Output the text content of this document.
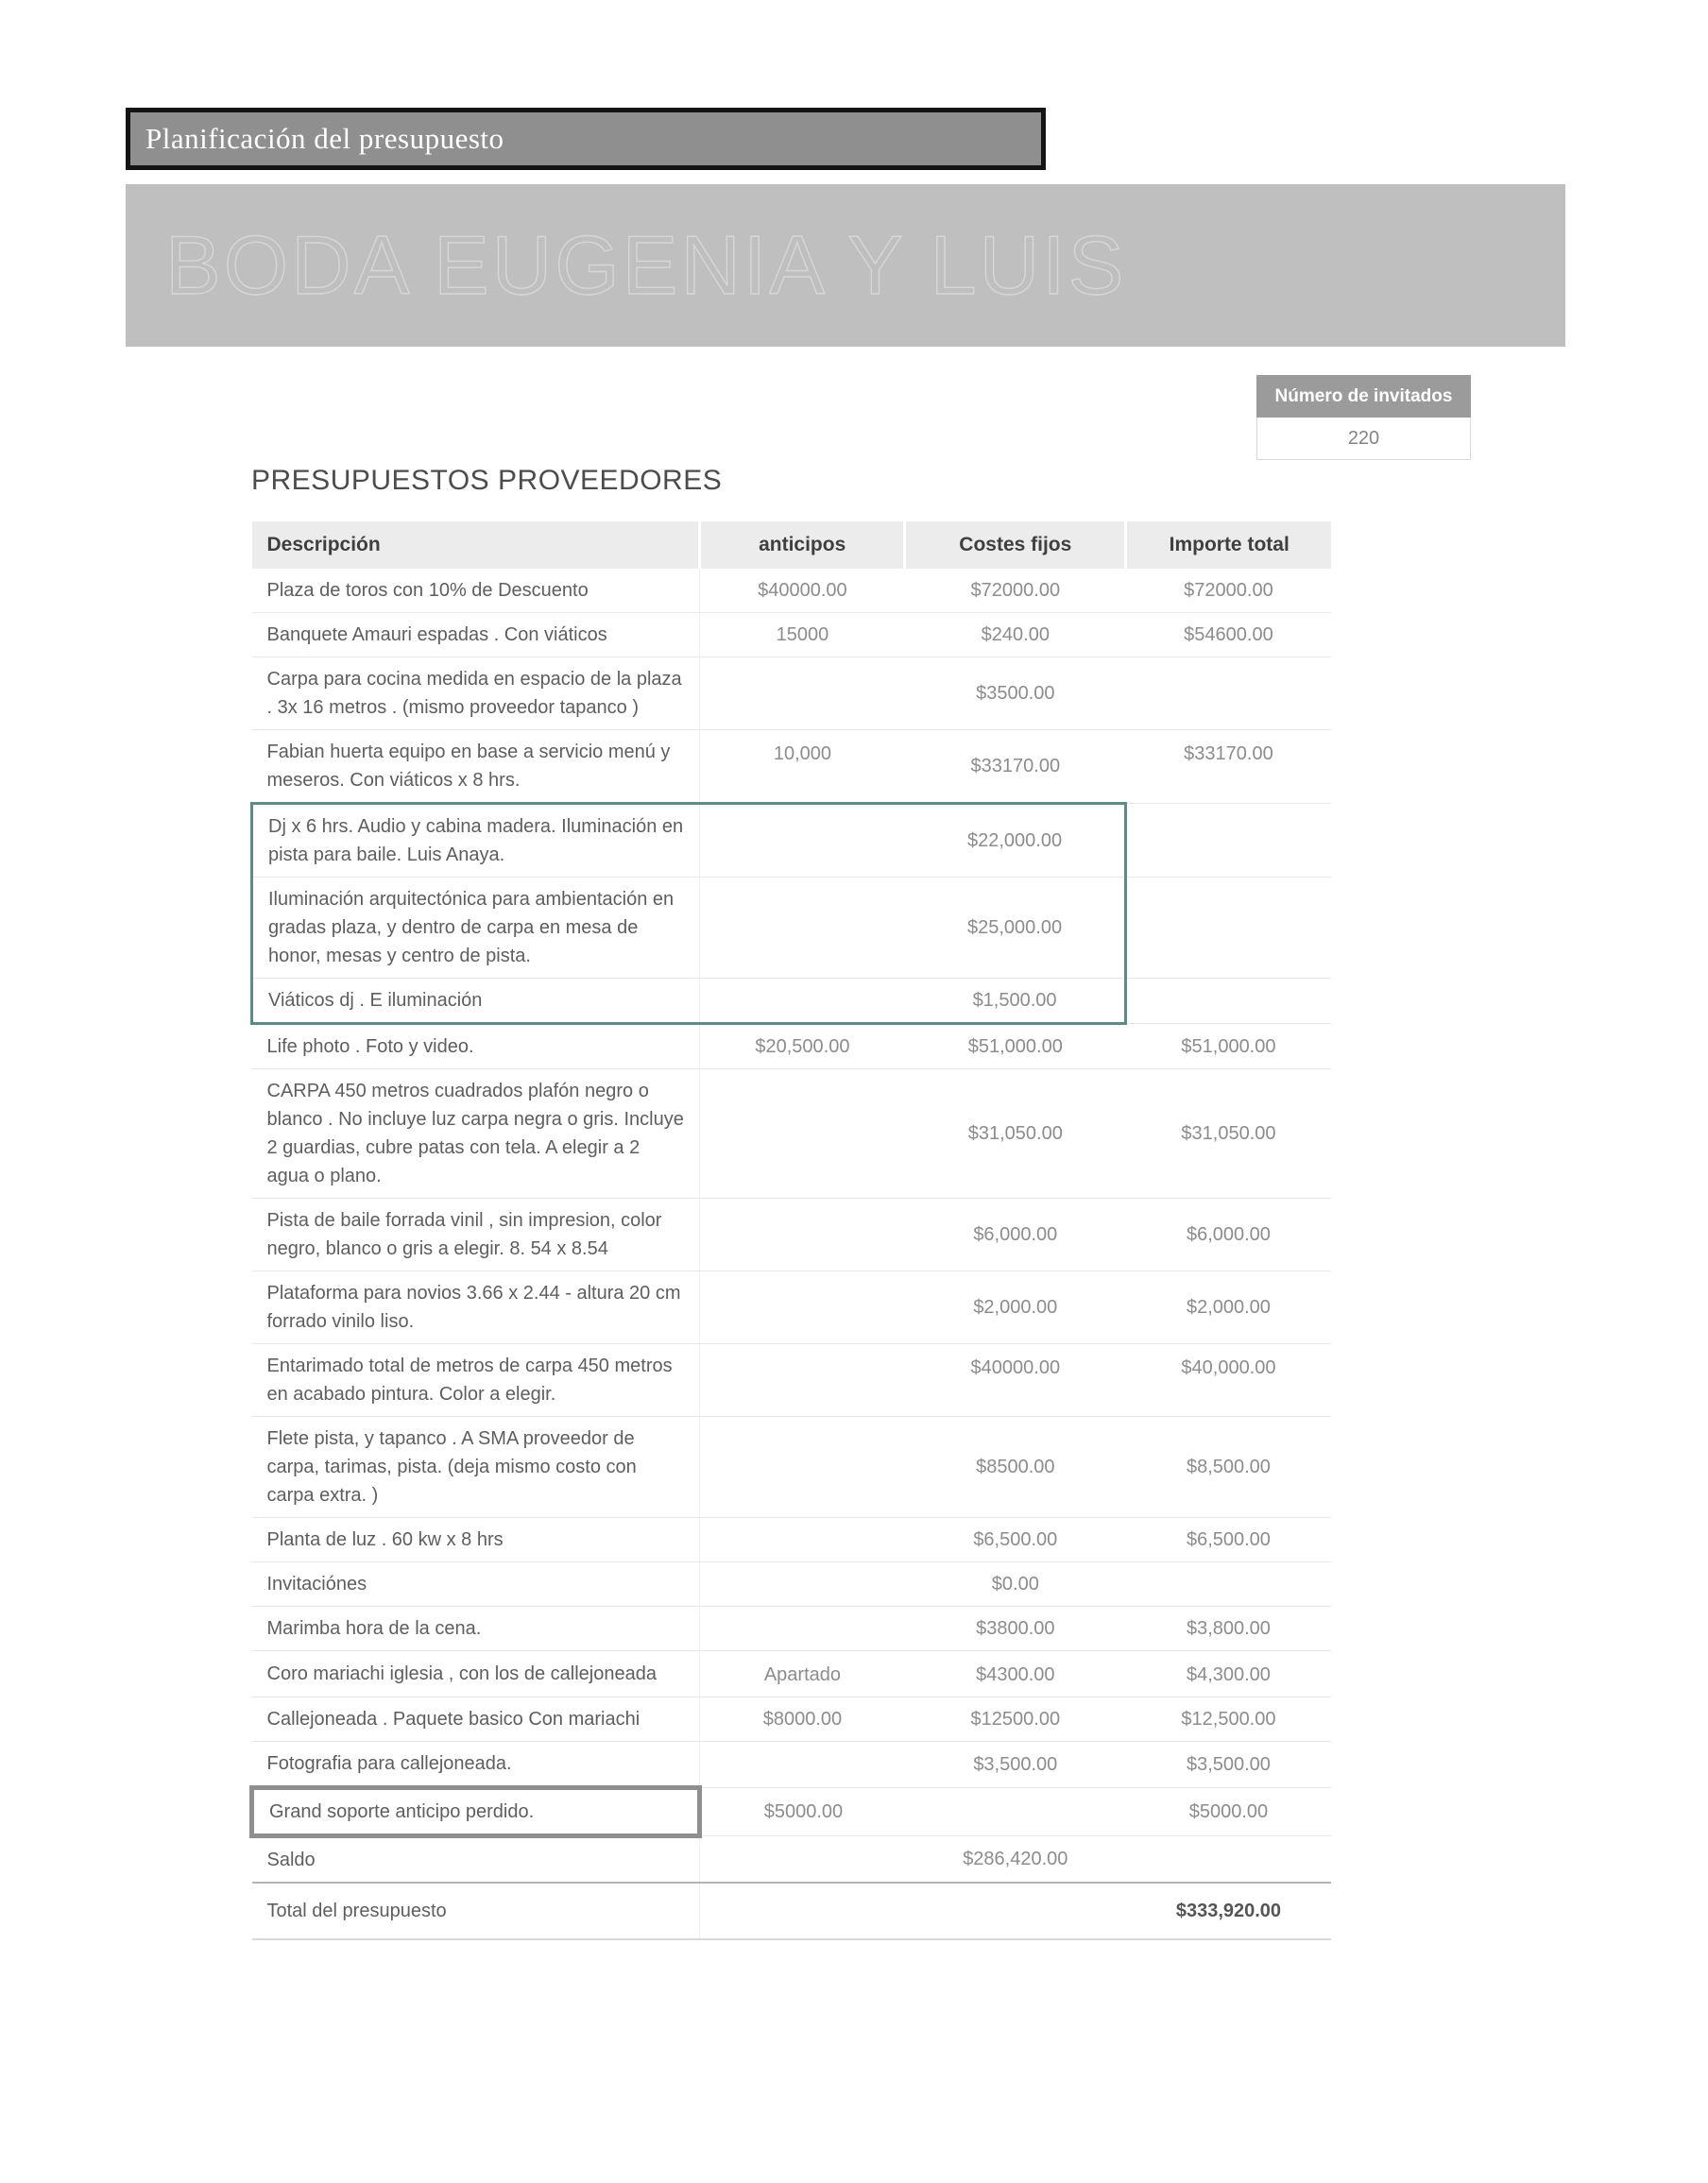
Planificación del presupuesto
BODA EUGENIA Y LUIS
Número de invitados
220
PRESUPUESTOS PROVEEDORES
Descripción	anticipos	Costes fijos	Importe total
Plaza de toros con 10% de Descuento	$40000.00	$72000.00	$72000.00
Banquete Amauri espadas . Con viáticos	15000	$240.00	$54600.00
Carpa para cocina medida en espacio de la plaza . 3x 16 metros . (mismo proveedor tapanco )		$3500.00	
Fabian huerta equipo en base a servicio menú y meseros. Con viáticos x 8 hrs.	10,000	$33170.00	$33170.00
Dj x 6 hrs. Audio y cabina madera. Iluminación en pista para baile. Luis Anaya.		$22,000.00	
Iluminación arquitectónica para ambientación en gradas plaza, y dentro de carpa en mesa de honor, mesas y centro de pista.		$25,000.00	
Viáticos dj . E iluminación		$1,500.00	
Life photo . Foto y video.	$20,500.00	$51,000.00	$51,000.00
CARPA 450 metros cuadrados plafón negro o blanco . No incluye luz carpa negra o gris. Incluye 2 guardias, cubre patas con tela. A elegir a 2 agua o plano.		$31,050.00	$31,050.00
Pista de baile forrada vinil , sin impresion, color negro, blanco o gris a elegir. 8. 54 x 8.54		$6,000.00	$6,000.00
Plataforma para novios 3.66 x 2.44 - altura 20 cm forrado vinilo liso.		$2,000.00	$2,000.00
Entarimado total de metros de carpa 450 metros en acabado pintura. Color a elegir.		$40000.00	$40,000.00
Flete pista, y tapanco . A SMA proveedor de carpa, tarimas, pista. (deja mismo costo con carpa extra. )		$8500.00	$8,500.00
Planta de luz . 60 kw x 8 hrs		$6,500.00	$6,500.00
Invitaciónes		$0.00	
Marimba hora de la cena.		$3800.00	$3,800.00
Coro mariachi iglesia , con los de callejoneada	Apartado	$4300.00	$4,300.00
Callejoneada . Paquete basico Con mariachi	$8000.00	$12500.00	$12,500.00
Fotografia para callejoneada.		$3,500.00	$3,500.00
Grand soporte anticipo perdido.	$5000.00		$5000.00
Saldo		$286,420.00	
Total del presupuesto			$333,920.00
